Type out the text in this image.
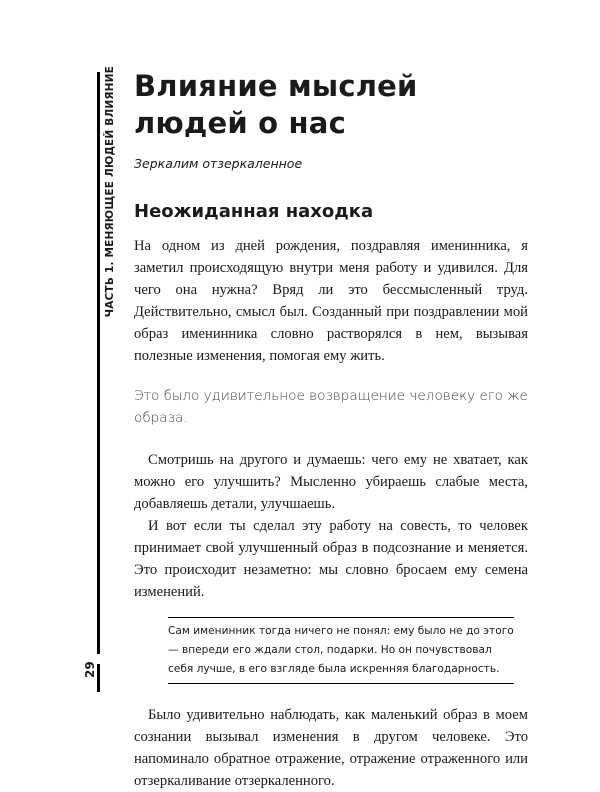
ЧАСТЬ 1. МЕНЯЮЩЕЕ ЛЮДЕЙ ВЛИЯНИЕ
29
Влияние мыслей
людей о нас
Зеркалим отзеркаленное
Неожиданная находка

На одном из дней рождения, поздравляя именинника, я заметил происходящую внутри меня работу и удивился. Для чего она нужна? Вряд ли это бессмысленный труд. Действительно, смысл был. Созданный при поздравлении мой образ именинника словно растворялся в нем, вызывая полезные изменения, помогая ему жить.

Это было удивительное возвращение человеку его же образа.

Смотришь на другого и думаешь: чего ему не хватает, как можно его улучшить? Мысленно убираешь слабые места, добавляешь детали, улучшаешь.

И вот если ты сделал эту работу на совесть, то человек принимает свой улучшенный образ в подсознание и меняется. Это происходит незаметно: мы словно бросаем ему семена изменений.

Сам именинник тогда ничего не понял: ему было не до этого — впереди его ждали стол, подарки. Но он почувствовал себя лучше, в его взгляде была искренняя благодарность.

Было удивительно наблюдать, как маленький образ в моем сознании вызывал изменения в другом человеке. Это напоминало обратное отражение, отражение отраженного или отзеркаливание отзеркаленного.
